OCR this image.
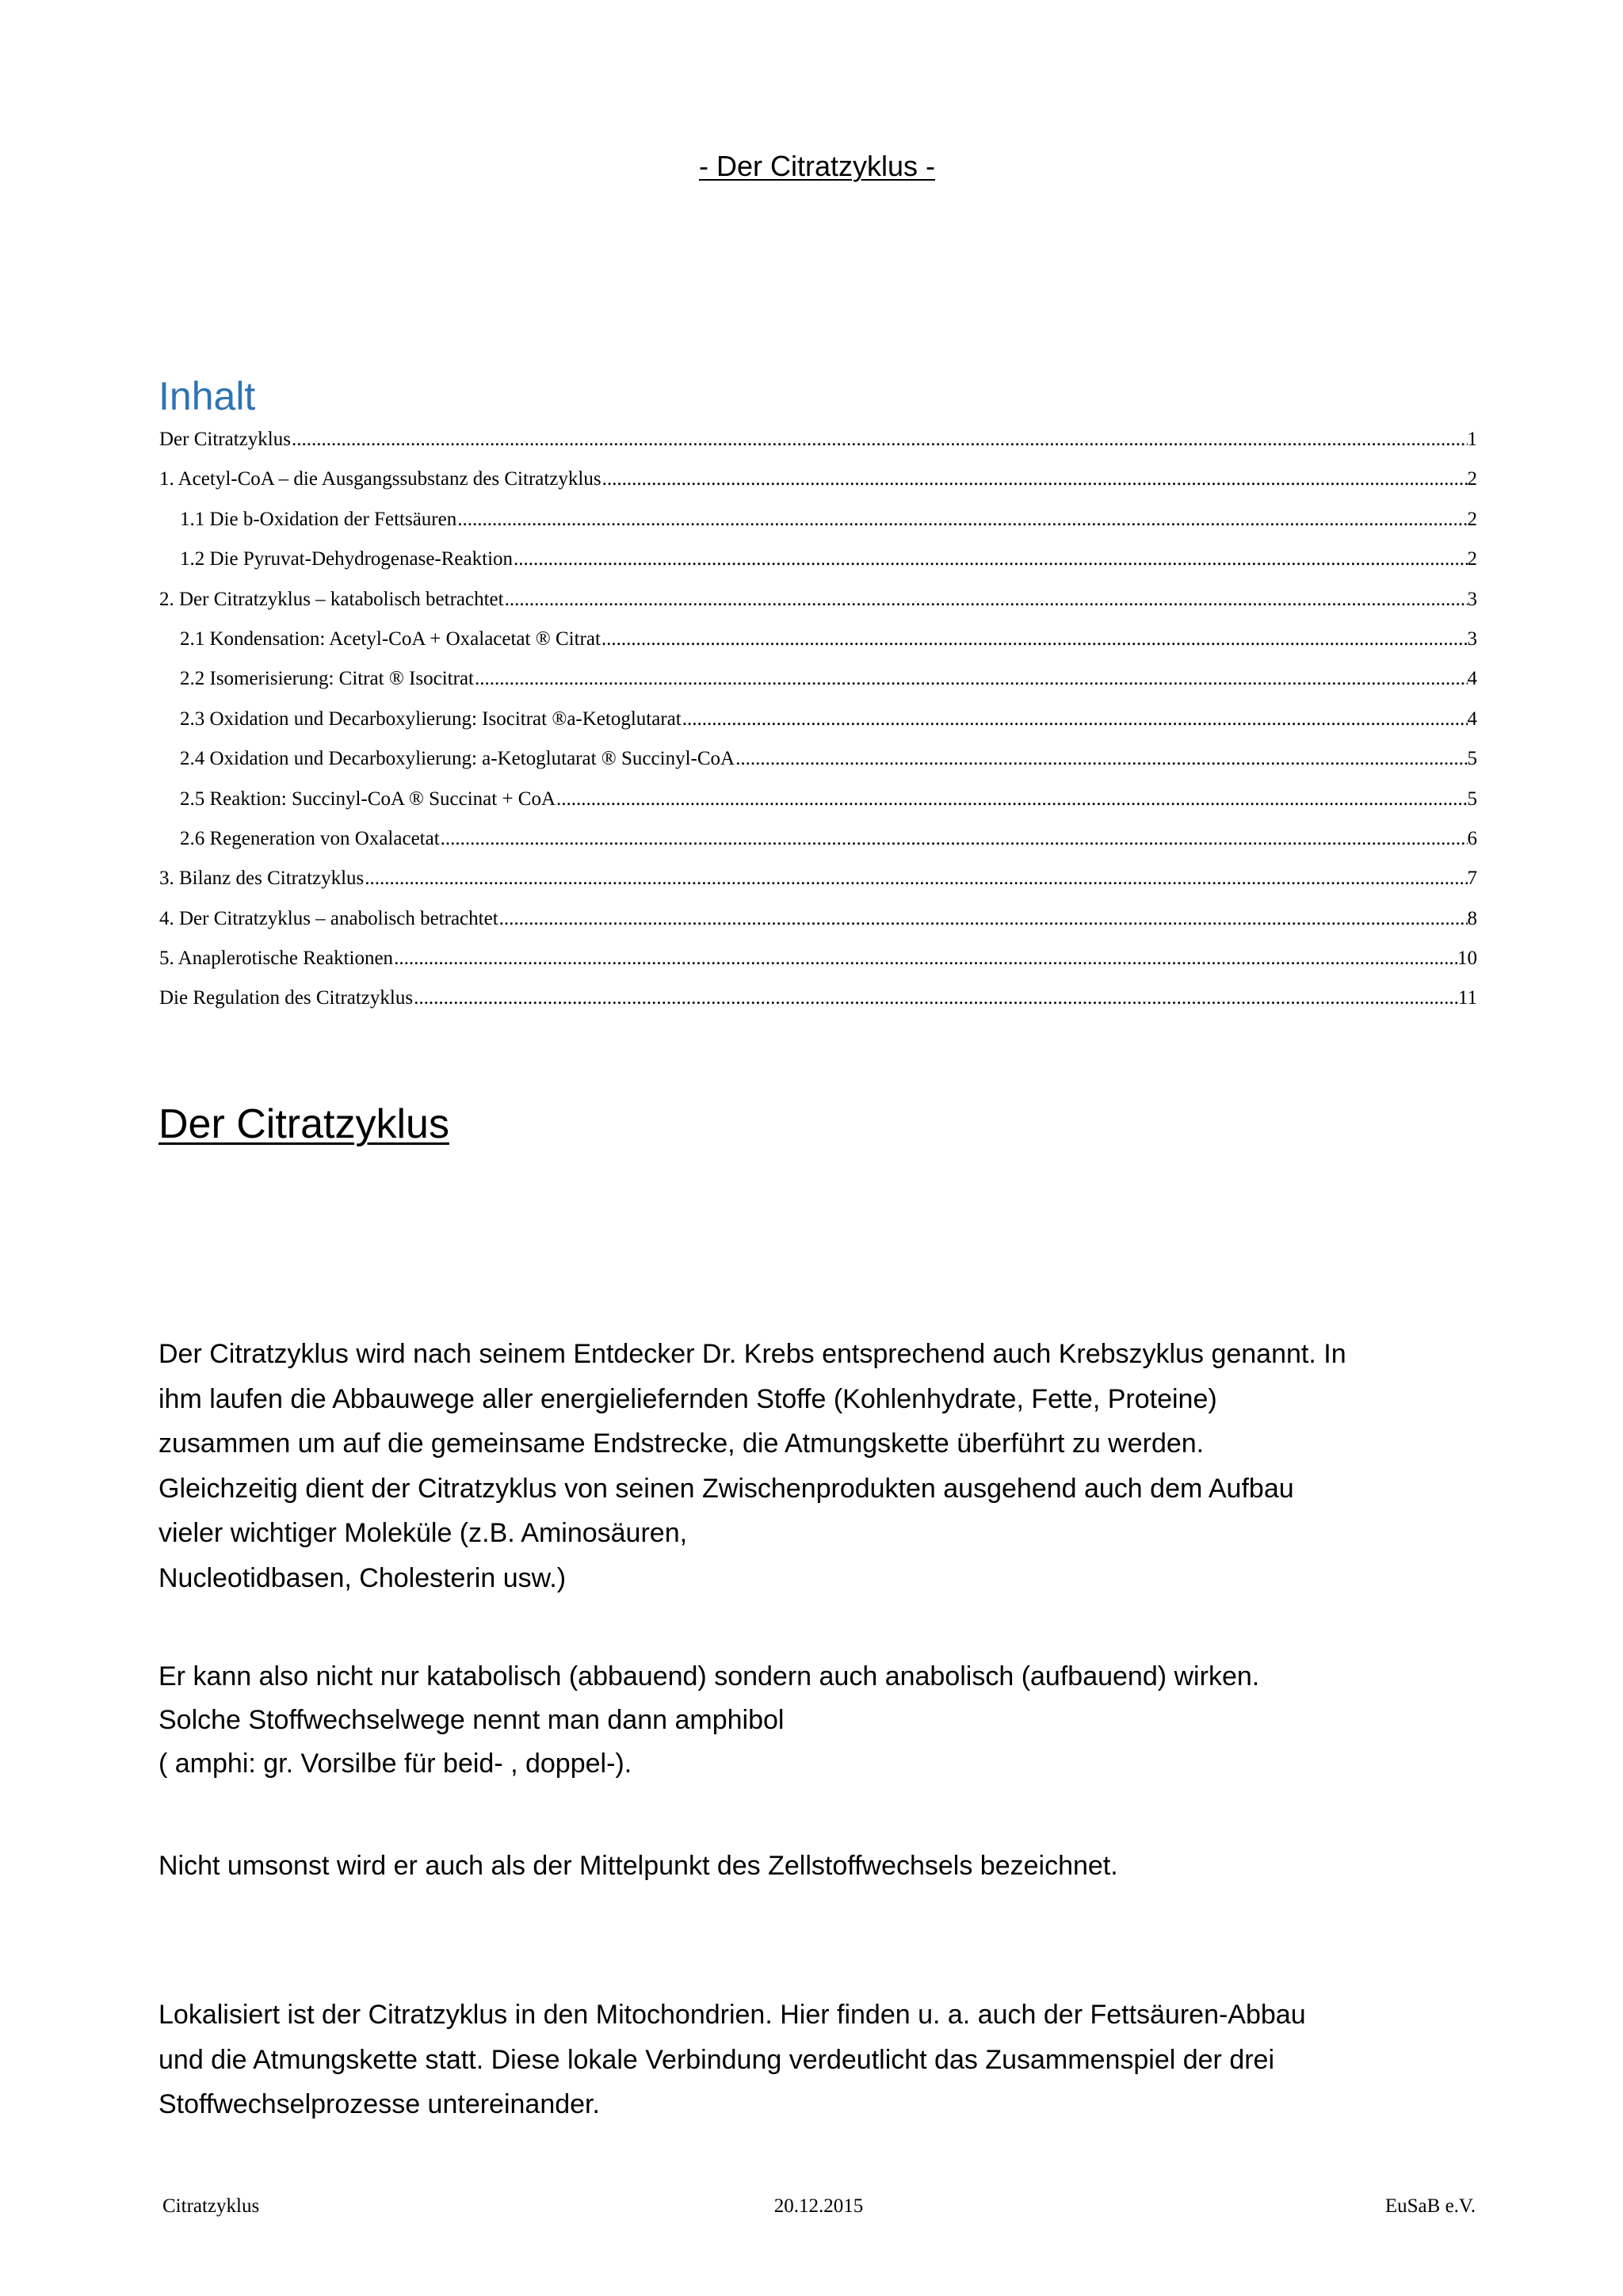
- Der Citratzyklus -
Inhalt
Der Citratzyklus .....	1
1. Acetyl-CoA – die Ausgangssubstanz des Citratzyklus .....	2
1.1 Die b-Oxidation der Fettsäuren .....	2
1.2 Die Pyruvat-Dehydrogenase-Reaktion .....	2
2. Der Citratzyklus – katabolisch betrachtet .....	3
2.1 Kondensation: Acetyl-CoA + Oxalacetat ® Citrat .....	3
2.2 Isomerisierung: Citrat ® Isocitrat .....	4
2.3 Oxidation und Decarboxylierung: Isocitrat ®a-Ketoglutarat .....	4
2.4 Oxidation und Decarboxylierung: a-Ketoglutarat ® Succinyl-CoA .....	5
2.5 Reaktion: Succinyl-CoA ® Succinat + CoA .....	5
2.6 Regeneration von Oxalacetat .....	6
3. Bilanz des Citratzyklus .....	7
4. Der Citratzyklus – anabolisch betrachtet .....	8
5. Anaplerotische Reaktionen .....	10
Die Regulation des Citratzyklus .....	11
Der Citratzyklus
Der Citratzyklus wird nach seinem Entdecker Dr. Krebs entsprechend auch Krebszyklus genannt. In
ihm laufen die Abbauwege aller energieliefernden Stoffe (Kohlenhydrate, Fette, Proteine)
zusammen um auf die gemeinsame Endstrecke, die Atmungskette überführt zu werden.
Gleichzeitig dient der Citratzyklus von seinen Zwischenprodukten ausgehend auch dem Aufbau
vieler wichtiger Moleküle (z.B. Aminosäuren,
Nucleotidbasen, Cholesterin usw.)
Er kann also nicht nur katabolisch (abbauend) sondern auch anabolisch (aufbauend) wirken.
Solche Stoffwechselwege nennt man dann amphibol
( amphi: gr. Vorsilbe für beid- , doppel-).
Nicht umsonst wird er auch als der Mittelpunkt des Zellstoffwechsels bezeichnet.
Lokalisiert ist der Citratzyklus in den Mitochondrien. Hier finden u. a. auch der Fettsäuren-Abbau
und die Atmungskette statt. Diese lokale Verbindung verdeutlicht das Zusammenspiel der drei
Stoffwechselprozesse untereinander.
Citratzyklus	20.12.2015	EuSaB e.V.
